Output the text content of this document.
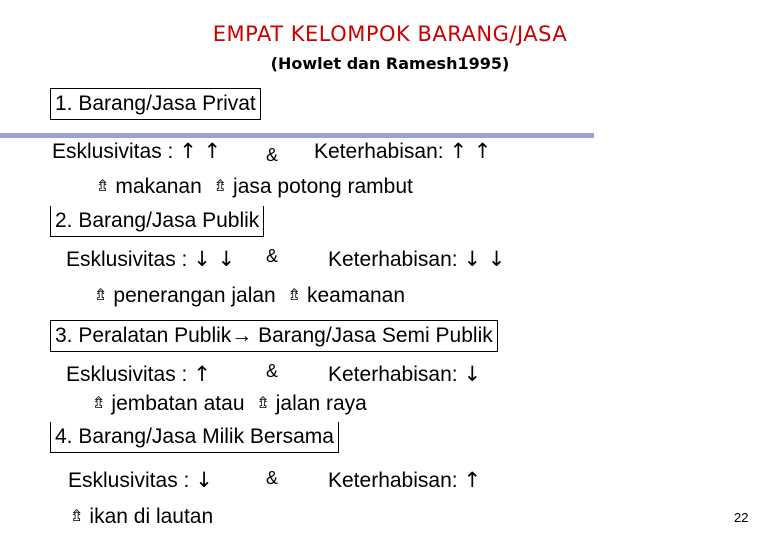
EMPAT KELOMPOK BARANG/JASA
(Howlet dan Ramesh1995)
1. Barang/Jasa Privat
Esklusivitas : ↑ ↑ & Keterhabisan: ↑ ↑
⇯ makanan ⇯ jasa potong rambut
2. Barang/Jasa Publik
Esklusivitas : ↓ ↓ & Keterhabisan: ↓ ↓
⇯ penerangan jalan ⇯ keamanan
3. Peralatan Publik→ Barang/Jasa Semi Publik
Esklusivitas : ↑	& Keterhabisan: ↓
⇯ jembatan atau ⇯ jalan raya
4. Barang/Jasa Milik Bersama
Esklusivitas : ↓	& Keterhabisan: ↑
⇯ ikan di lautan	22
